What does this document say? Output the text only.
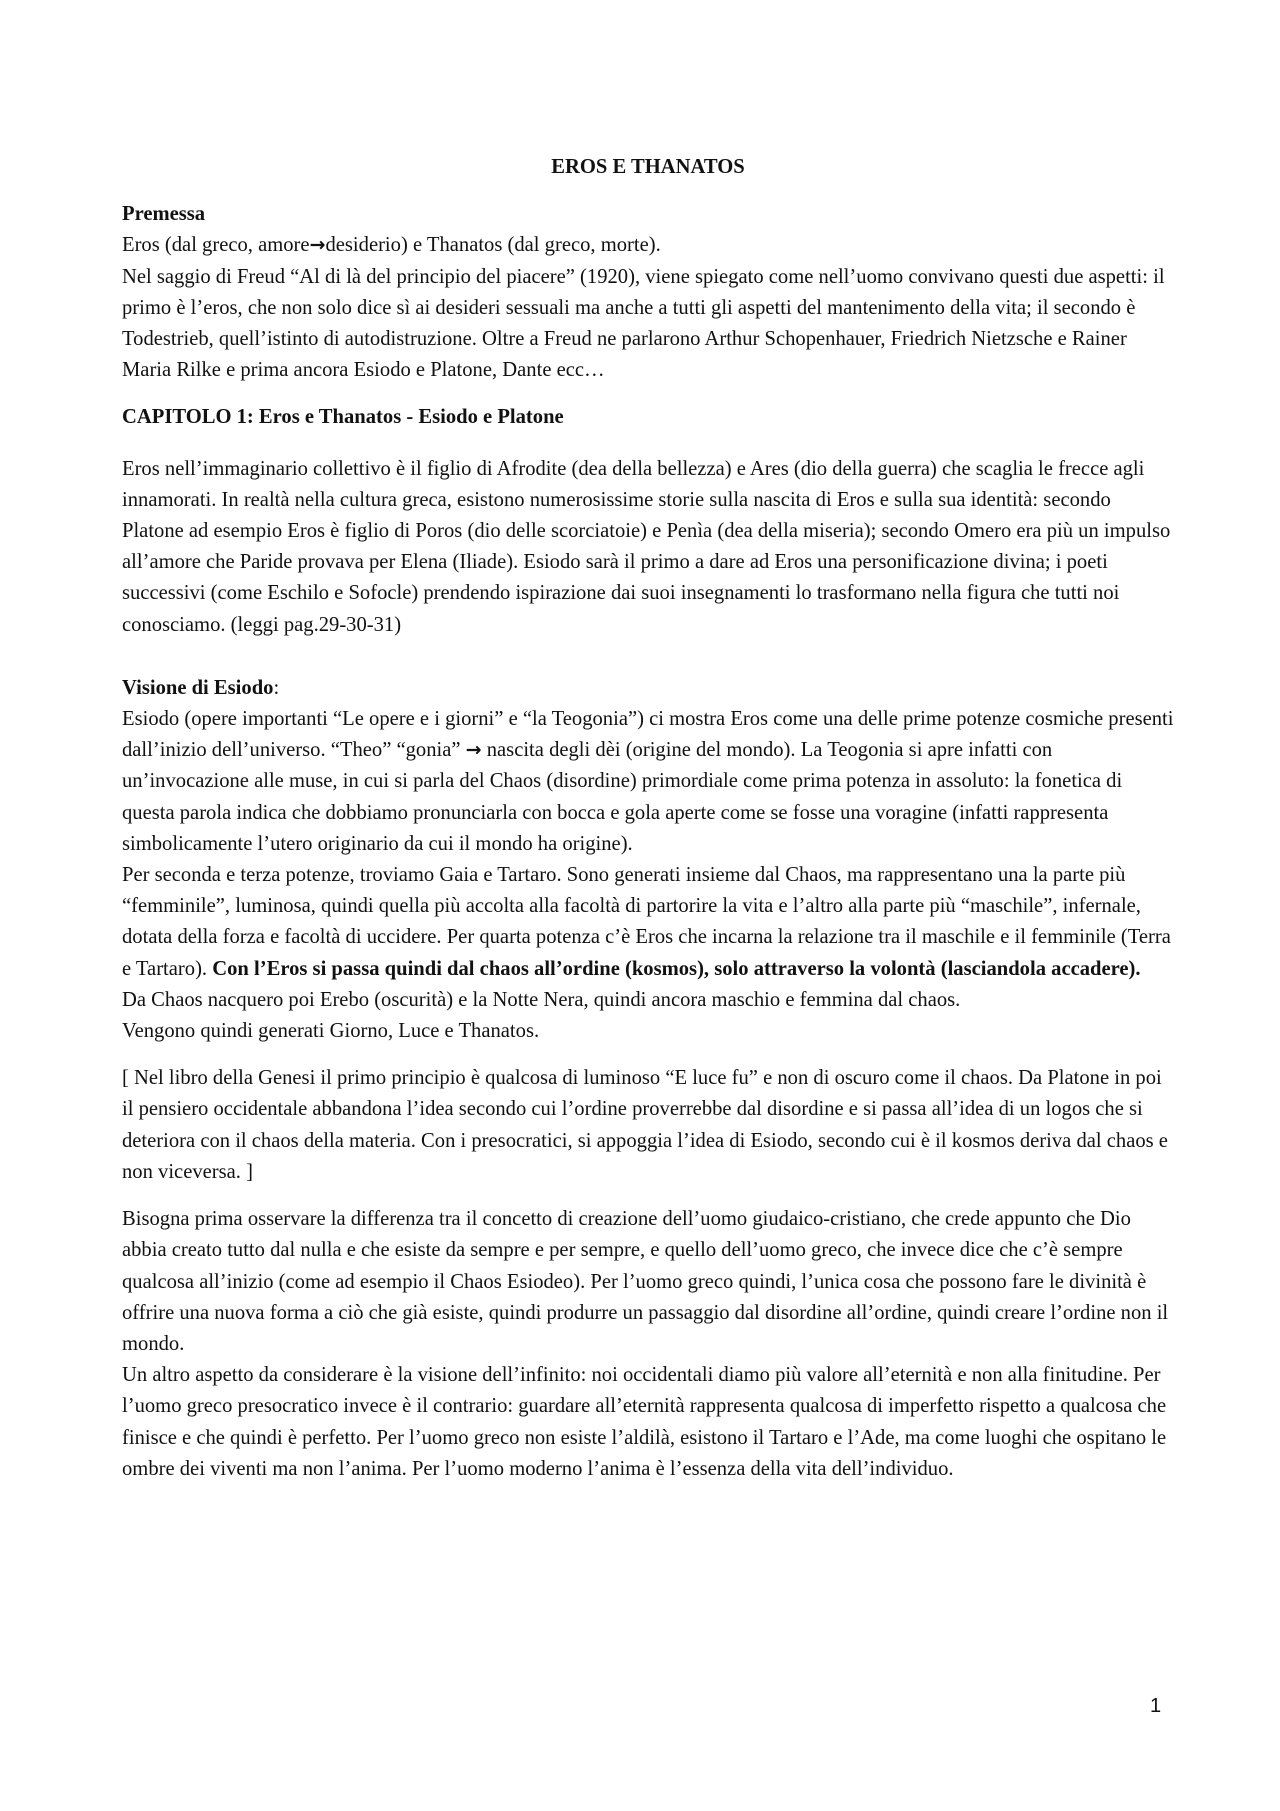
EROS E THANATOS
Premessa

Eros (dal greco, amore→desiderio) e Thanatos (dal greco, morte).

Nel saggio di Freud “Al di là del principio del piacere” (1920), viene spiegato come nell’uomo convivano questi due aspetti: il primo è l’eros, che non solo dice sì ai desideri sessuali ma anche a tutti gli aspetti del mantenimento della vita; il secondo è Todestrieb, quell’istinto di autodistruzione. Oltre a Freud ne parlarono Arthur Schopenhauer, Friedrich Nietzsche e Rainer Maria Rilke e prima ancora Esiodo e Platone, Dante ecc…

CAPITOLO 1: Eros e Thanatos - Esiodo e Platone

Eros nell’immaginario collettivo è il figlio di Afrodite (dea della bellezza) e Ares (dio della guerra) che scaglia le frecce agli innamorati. In realtà nella cultura greca, esistono numerosissime storie sulla nascita di Eros e sulla sua identità: secondo Platone ad esempio Eros è figlio di Poros (dio delle scorciatoie) e Penìa (dea della miseria); secondo Omero era più un impulso all’amore che Paride provava per Elena (Iliade). Esiodo sarà il primo a dare ad Eros una personificazione divina; i poeti successivi (come Eschilo e Sofocle) prendendo ispirazione dai suoi insegnamenti lo trasformano nella figura che tutti noi conosciamo. (leggi pag.29-30-31)

Visione di Esiodo:

Esiodo (opere importanti “Le opere e i giorni” e “la Teogonia”) ci mostra Eros come una delle prime potenze cosmiche presenti dall’inizio dell’universo. “Theo” “gonia” → nascita degli dèi (origine del mondo). La Teogonia si apre infatti con un’invocazione alle muse, in cui si parla del Chaos (disordine) primordiale come prima potenza in assoluto: la fonetica di questa parola indica che dobbiamo pronunciarla con bocca e gola aperte come se fosse una voragine (infatti rappresenta simbolicamente l’utero originario da cui il mondo ha origine).

Per seconda e terza potenze, troviamo Gaia e Tartaro. Sono generati insieme dal Chaos, ma rappresentano una la parte più “femminile”, luminosa, quindi quella più accolta alla facoltà di partorire la vita e l’altro alla parte più “maschile”, infernale, dotata della forza e facoltà di uccidere. Per quarta potenza c’è Eros che incarna la relazione tra il maschile e il femminile (Terra e Tartaro). Con l’Eros si passa quindi dal chaos all’ordine (kosmos), solo attraverso la volontà (lasciandola accadere).

Da Chaos nacquero poi Erebo (oscurità) e la Notte Nera, quindi ancora maschio e femmina dal chaos.

Vengono quindi generati Giorno, Luce e Thanatos.

[ Nel libro della Genesi il primo principio è qualcosa di luminoso “E luce fu” e non di oscuro come il chaos. Da Platone in poi il pensiero occidentale abbandona l’idea secondo cui l’ordine proverrebbe dal disordine e si passa all’idea di un logos che si deteriora con il chaos della materia. Con i presocratici, si appoggia l’idea di Esiodo, secondo cui è il kosmos deriva dal chaos e non viceversa. ]

Bisogna prima osservare la differenza tra il concetto di creazione dell’uomo giudaico-cristiano, che crede appunto che Dio abbia creato tutto dal nulla e che esiste da sempre e per sempre, e quello dell’uomo greco, che invece dice che c’è sempre qualcosa all’inizio (come ad esempio il Chaos Esiodeo). Per l’uomo greco quindi, l’unica cosa che possono fare le divinità è offrire una nuova forma a ciò che già esiste, quindi produrre un passaggio dal disordine all’ordine, quindi creare l’ordine non il mondo.

Un altro aspetto da considerare è la visione dell’infinito: noi occidentali diamo più valore all’eternità e non alla finitudine. Per l’uomo greco presocratico invece è il contrario: guardare all’eternità rappresenta qualcosa di imperfetto rispetto a qualcosa che finisce e che quindi è perfetto. Per l’uomo greco non esiste l’aldilà, esistono il Tartaro e l’Ade, ma come luoghi che ospitano le ombre dei viventi ma non l’anima. Per l’uomo moderno l’anima è l’essenza della vita dell’individuo.

1
